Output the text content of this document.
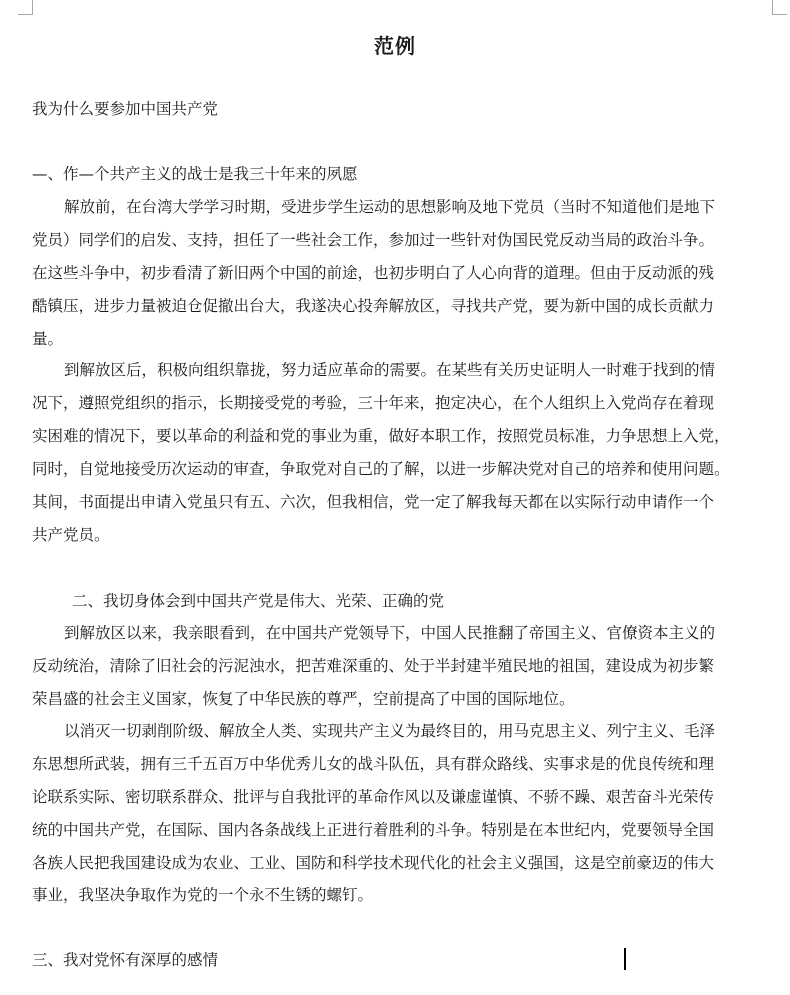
范例
我为什么要参加中国共产党
—、作—个共产主义的战士是我三十年来的夙愿
解放前，在台湾大学学习时期，受进步学生运动的思想影响及地下党员（当时不知道他们是地下
党员）同学们的启发、支持，担任了一些社会工作，参加过一些针对伪国民党反动当局的政治斗争。
在这些斗争中，初步看清了新旧两个中国的前途，也初步明白了人心向背的道理。但由于反动派的残
酷镇压，进步力量被迫仓促撤出台大，我遂决心投奔解放区，寻找共产党，要为新中国的成长贡献力
量。
到解放区后，积极向组织靠拢，努力适应革命的需要。在某些有关历史证明人一时难于找到的情
况下，遵照党组织的指示，长期接受党的考验，三十年来，抱定决心，在个人组织上入党尚存在着现
实困难的情况下，要以革命的利益和党的事业为重，做好本职工作，按照党员标准，力争思想上入党，
同时，自觉地接受历次运动的审查，争取党对自己的了解，以进一步解决党对自己的培养和使用问题。
其间，书面提出申请入党虽只有五、六次，但我相信，党一定了解我每天都在以实际行动申请作一个
共产党员。
二、我切身体会到中国共产党是伟大、光荣、正确的党
到解放区以来，我亲眼看到，在中国共产党领导下，中国人民推翻了帝国主义、官僚资本主义的
反动统治，清除了旧社会的污泥浊水，把苦难深重的、处于半封建半殖民地的祖国，建设成为初步繁
荣昌盛的社会主义国家，恢复了中华民族的尊严，空前提高了中国的国际地位。
以消灭一切剥削阶级、解放全人类、实现共产主义为最终目的，用马克思主义、列宁主义、毛泽
东思想所武装，拥有三千五百万中华优秀儿女的战斗队伍，具有群众路线、实事求是的优良传统和理
论联系实际、密切联系群众、批评与自我批评的革命作风以及谦虚谨慎、不骄不躁、艰苦奋斗光荣传
统的中国共产党，在国际、国内各条战线上正进行着胜利的斗争。特别是在本世纪内，党要领导全国
各族人民把我国建设成为农业、工业、国防和科学技术现代化的社会主义强国，这是空前豪迈的伟大
事业，我坚决争取作为党的一个永不生锈的螺钉。
三、我对党怀有深厚的感情
